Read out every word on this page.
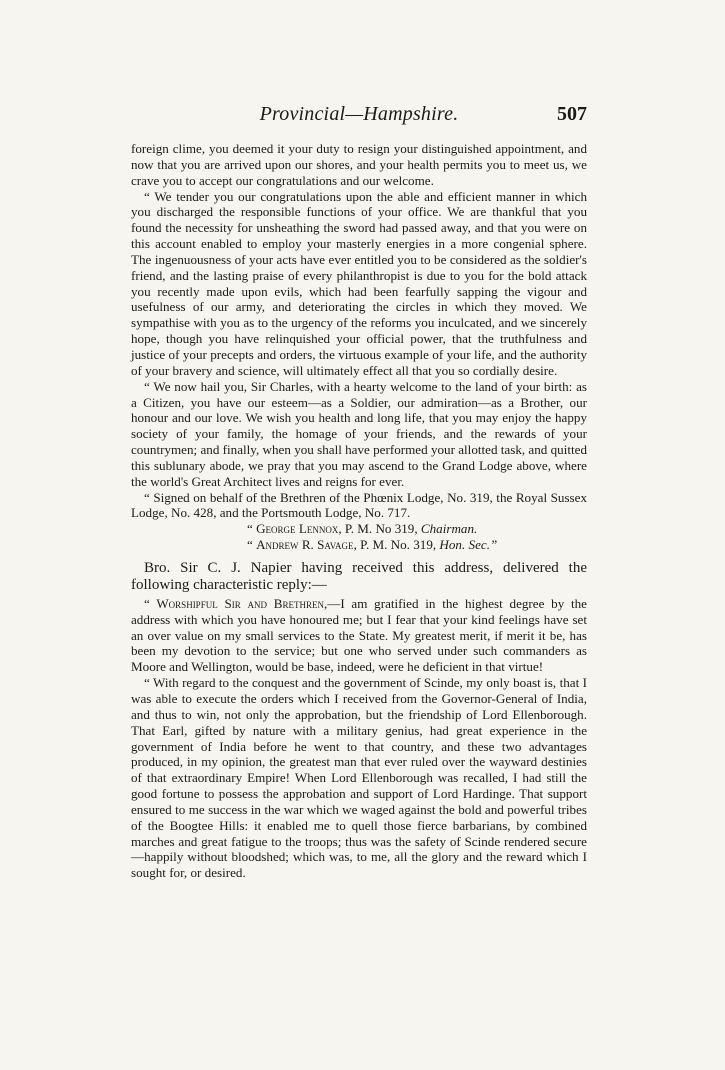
Provincial—Hampshire.	507

foreign clime, you deemed it your duty to resign your distinguished appointment, and now that you are arrived upon our shores, and your health permits you to meet us, we crave you to accept our congratulations and our welcome.

“ We tender you our congratulations upon the able and efficient manner in which you discharged the responsible functions of your office. We are thankful that you found the necessity for unsheathing the sword had passed away, and that you were on this account enabled to employ your masterly energies in a more congenial sphere. The ingenuousness of your acts have ever entitled you to be considered as the soldier's friend, and the lasting praise of every philanthropist is due to you for the bold attack you recently made upon evils, which had been fearfully sapping the vigour and usefulness of our army, and deteriorating the circles in which they moved. We sympathise with you as to the urgency of the reforms you inculcated, and we sincerely hope, though you have relinquished your official power, that the truthfulness and justice of your precepts and orders, the virtuous example of your life, and the authority of your bravery and science, will ultimately effect all that you so cordially desire.

“ We now hail you, Sir Charles, with a hearty welcome to the land of your birth: as a Citizen, you have our esteem—as a Soldier, our admiration—as a Brother, our honour and our love. We wish you health and long life, that you may enjoy the happy society of your family, the homage of your friends, and the rewards of your countrymen; and finally, when you shall have performed your allotted task, and quitted this sublunary abode, we pray that you may ascend to the Grand Lodge above, where the world's Great Architect lives and reigns for ever.

“ Signed on behalf of the Brethren of the Phœnix Lodge, No. 319, the Royal Sussex Lodge, No. 428, and the Portsmouth Lodge, No. 717.

“ George Lennox, P. M. No 319, Chairman.

“ Andrew R. Savage, P. M. No. 319, Hon. Sec.”

Bro. Sir C. J. Napier having received this address, delivered the following characteristic reply:—

“ Worshipful Sir and Brethren,—I am gratified in the highest degree by the address with which you have honoured me; but I fear that your kind feelings have set an over value on my small services to the State. My greatest merit, if merit it be, has been my devotion to the service; but one who served under such commanders as Moore and Wellington, would be base, indeed, were he deficient in that virtue!

“ With regard to the conquest and the government of Scinde, my only boast is, that I was able to execute the orders which I received from the Governor-General of India, and thus to win, not only the approbation, but the friendship of Lord Ellenborough. That Earl, gifted by nature with a military genius, had great experience in the government of India before he went to that country, and these two advantages produced, in my opinion, the greatest man that ever ruled over the wayward destinies of that extraordinary Empire! When Lord Ellenborough was recalled, I had still the good fortune to possess the approbation and support of Lord Hardinge. That support ensured to me success in the war which we waged against the bold and powerful tribes of the Boogtee Hills: it enabled me to quell those fierce barbarians, by combined marches and great fatigue to the troops; thus was the safety of Scinde rendered secure—happily without bloodshed; which was, to me, all the glory and the reward which I sought for, or desired.
